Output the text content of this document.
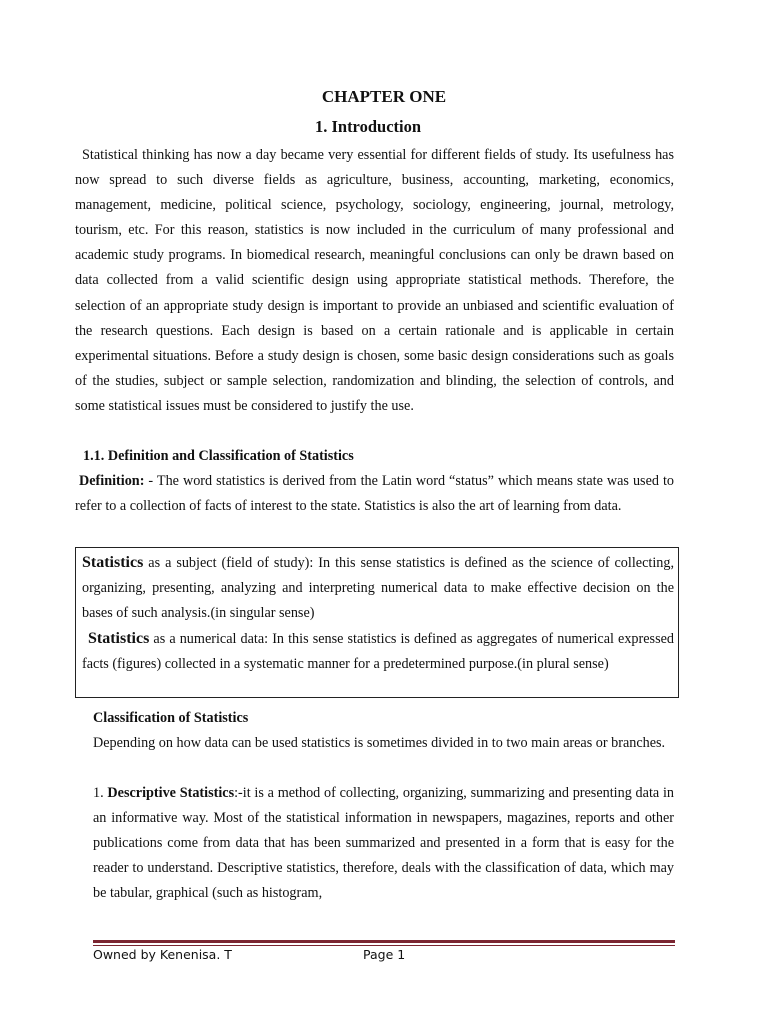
CHAPTER ONE
1. Introduction

Statistical thinking has now a day became very essential for different fields of study. Its usefulness has now spread to such diverse fields as agriculture, business, accounting, marketing, economics, management, medicine, political science, psychology, sociology, engineering, journal, metrology, tourism, etc. For this reason, statistics is now included in the curriculum of many professional and academic study programs. In biomedical research, meaningful conclusions can only be drawn based on data collected from a valid scientific design using appropriate statistical methods. Therefore, the selection of an appropriate study design is important to provide an unbiased and scientific evaluation of the research questions. Each design is based on a certain rationale and is applicable in certain experimental situations. Before a study design is chosen, some basic design considerations such as goals of the studies, subject or sample selection, randomization and blinding, the selection of controls, and some statistical issues must be considered to justify the use.

1.1. Definition and Classification of Statistics

Definition: - The word statistics is derived from the Latin word “status” which means state was used to refer to a collection of facts of interest to the state. Statistics is also the art of learning from data.

Statistics as a subject (field of study): In this sense statistics is defined as the science of collecting, organizing, presenting, analyzing and interpreting numerical data to make effective decision on the bases of such analysis.(in singular sense)

Statistics as a numerical data: In this sense statistics is defined as aggregates of numerical expressed facts (figures) collected in a systematic manner for a predetermined purpose.(in plural sense)

Classification of Statistics

Depending on how data can be used statistics is sometimes divided in to two main areas or branches.

1. Descriptive Statistics:-it is a method of collecting, organizing, summarizing and presenting data in an informative way. Most of the statistical information in newspapers, magazines, reports and other publications come from data that has been summarized and presented in a form that is easy for the reader to understand. Descriptive statistics, therefore, deals with the classification of data, which may be tabular, graphical (such as histogram,

Owned by Kenenisa. T	Page 1
